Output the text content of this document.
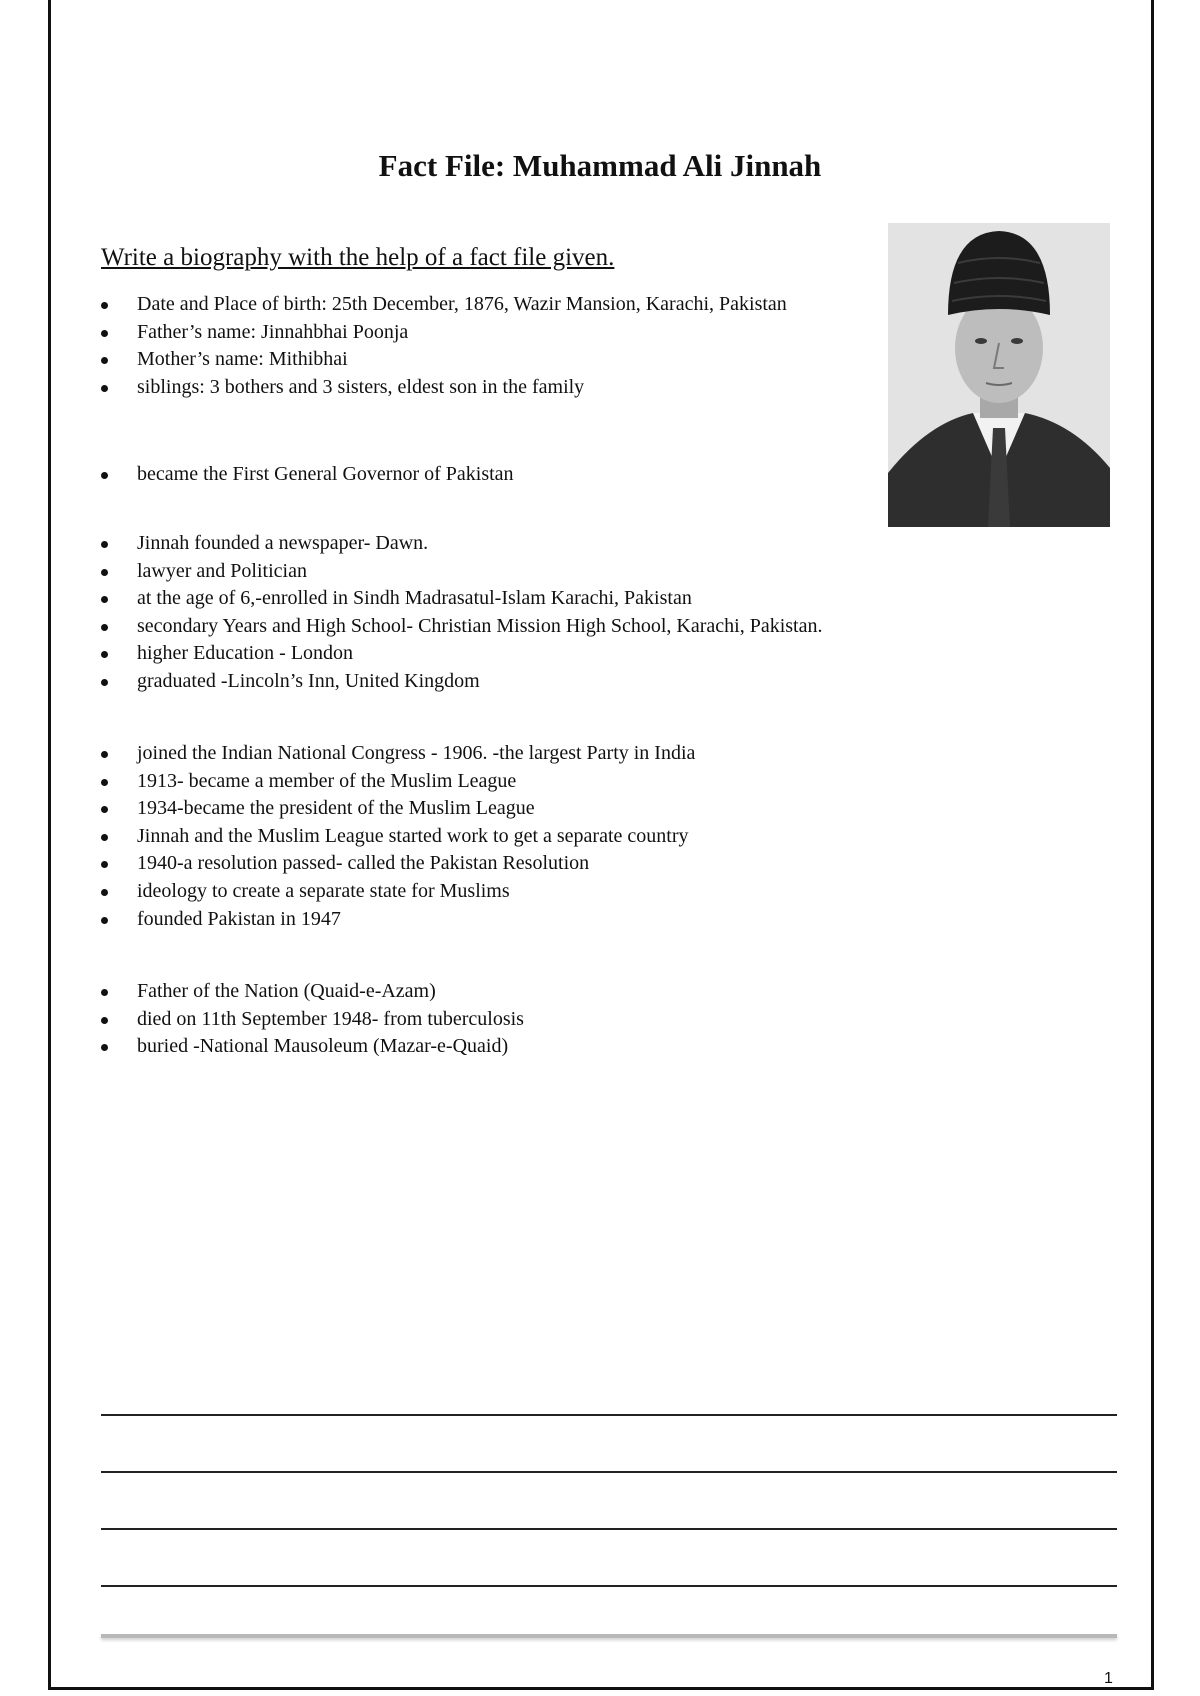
Fact File: Muhammad Ali Jinnah

Write a biography with the help of a fact file given.

Date and Place of birth: 25th December, 1876, Wazir Mansion, Karachi, Pakistan
Father’s name: Jinnahbhai Poonja
Mother’s name: Mithibhai
siblings: 3 bothers and 3 sisters, eldest son in the family
became the First General Governor of Pakistan
Jinnah founded a newspaper- Dawn.
lawyer and Politician
at the age of 6,-enrolled in Sindh Madrasatul-Islam Karachi, Pakistan
secondary Years and High School- Christian Mission High School, Karachi, Pakistan.
higher Education - London
graduated -Lincoln’s Inn, United Kingdom
joined the Indian National Congress - 1906. -the largest Party in India
1913- became a member of the Muslim League
1934-became the president of the Muslim League
Jinnah and the Muslim League started work to get a separate country
1940-a resolution passed- called the Pakistan Resolution
ideology to create a separate state for Muslims
founded Pakistan in 1947
Father of the Nation (Quaid-e-Azam)
died on 11th September 1948- from tuberculosis
buried -National Mausoleum (Mazar-e-Quaid)
1
